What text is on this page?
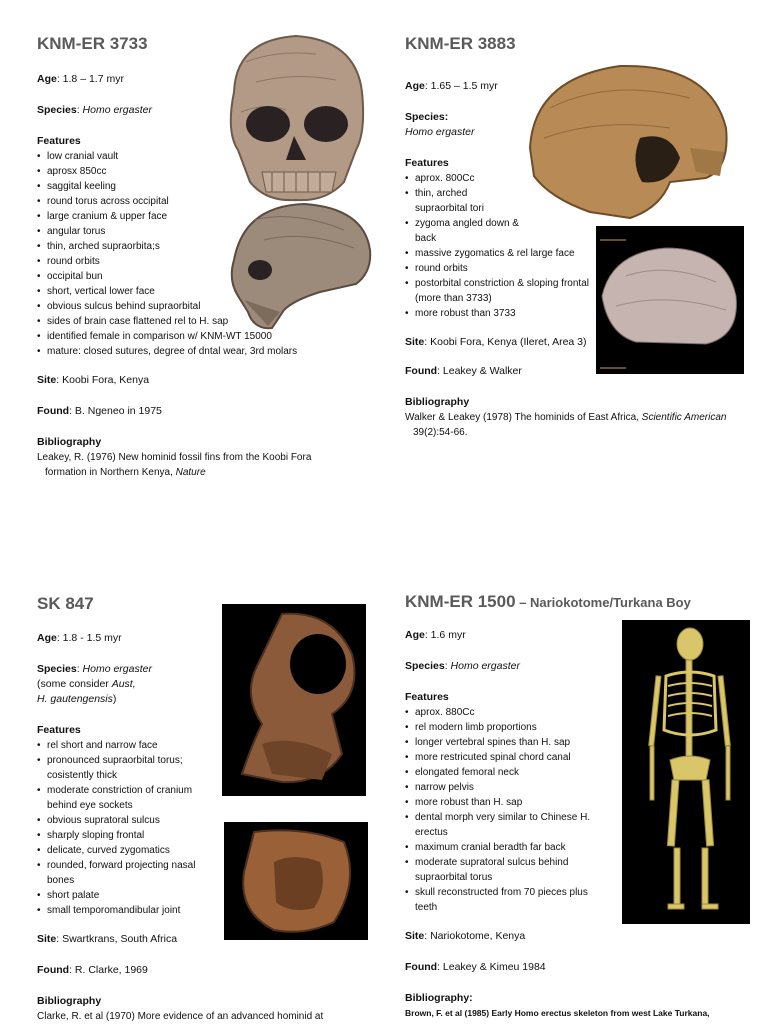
KNM-ER 3733
Age: 1.8 – 1.7 myr
Species: Homo ergaster
Features
• low cranial vault
• aprosx 850cc
• saggital keeling
• round torus across occipital
• large cranium & upper face
• angular torus
• thin, arched supraorbita;s
• round orbits
• occipital bun
• short, vertical lower face
• obvious sulcus behind supraorbital
• sides of brain case flattened rel to H. sap
• identified female in comparison w/ KNM-WT 15000
• mature: closed sutures, degree of dntal wear, 3rd molars
Site: Koobi Fora, Kenya
Found: B. Ngeneo in 1975
Bibliography
Leakey, R. (1976) New hominid fossil fins from the Koobi Fora formation in Northern Kenya, Nature
KNM-ER 3883
Age: 1.65 – 1.5 myr
Species:
Homo ergaster
Features
• aprox. 800Cc
• thin, arched supraorbital tori
• zygoma angled down & back
• massive zygomatics & rel large face
• round orbits
• postorbital constriction & sloping frontal (more than 3733)
• more robust than 3733
Site: Koobi Fora, Kenya (Ileret, Area 3)
Found: Leakey & Walker
Bibliography
Walker & Leakey (1978) The hominids of East Africa, Scientific American 39(2):54-66.
SK 847
Age: 1.8 - 1.5 myr
Species: Homo ergaster
(some consider Aust,
H. gautengensis)
Features
• rel short and narrow face
• pronounced supraorbital torus; cosistently thick
• moderate constriction of cranium behind eye sockets
• obvious supratoral sulcus
• sharply sloping frontal
• delicate, curved zygomatics
• rounded, forward projecting nasal bones
• short palate
• small temporomandibular joint
Site: Swartkrans, South Africa
Found: R. Clarke, 1969
Bibliography
Clarke, R. et al (1970) More evidence of an advanced hominid at
KNM-ER 1500 – Nariokotome/Turkana Boy
Age: 1.6 myr
Species: Homo ergaster
Features
• aprox. 880Cc
• rel modern limb proportions
• longer vertebral spines than H. sap
• more restricuted spinal chord canal
• elongated femoral neck
• narrow pelvis
• more robust than H. sap
• dental morph very similar to Chinese H. erectus
• maximum cranial beradth far back
• moderate supratoral sulcus behind supraorbital torus
• skull reconstructed from 70 pieces plus teeth
Site: Nariokotome, Kenya
Found: Leakey & Kimeu 1984
Bibliography:
Brown, F. et al (1985) Early Homo erectus skeleton from west Lake Turkana,
